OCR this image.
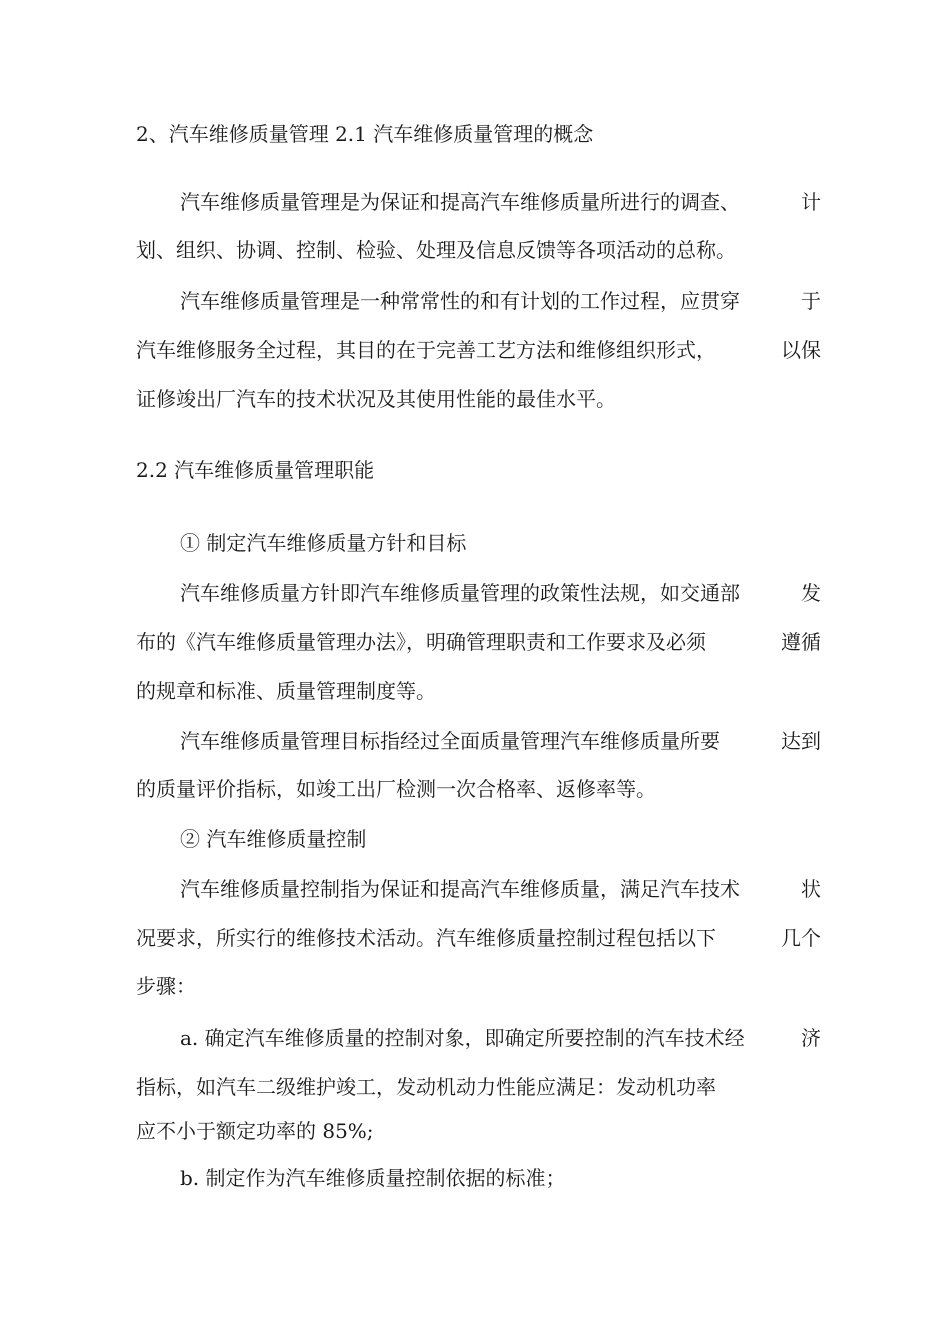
2、汽车维修质量管理 2.1 汽车维修质量管理的概念
汽车维修质量管理是为保证和提高汽车维修质量所进行的调查、	计
划、组织、协调、控制、检验、处理及信息反馈等各项活动的总称。
汽车维修质量管理是一种常常性的和有计划的工作过程，应贯穿	于
汽车维修服务全过程，其目的在于完善工艺方法和维修组织形式，	以保
证修竣出厂汽车的技术状况及其使用性能的最佳水平。
2.2 汽车维修质量管理职能
① 制定汽车维修质量方针和目标
汽车维修质量方针即汽车维修质量管理的政策性法规，如交通部	发
布的《汽车维修质量管理办法》，明确管理职责和工作要求及必须	遵循
的规章和标准、质量管理制度等。
汽车维修质量管理目标指经过全面质量管理汽车维修质量所要	达到
的质量评价指标，如竣工出厂检测一次合格率、返修率等。
② 汽车维修质量控制
汽车维修质量控制指为保证和提高汽车维修质量，满足汽车技术	状
况要求，所实行的维修技术活动。汽车维修质量控制过程包括以下	几个
步骤：
a. 确定汽车维修质量的控制对象，即确定所要控制的汽车技术经	济
指标，如汽车二级维护竣工，发动机动力性能应满足：发动机功率
应不小于额定功率的 85%;
b. 制定作为汽车维修质量控制依据的标准；
